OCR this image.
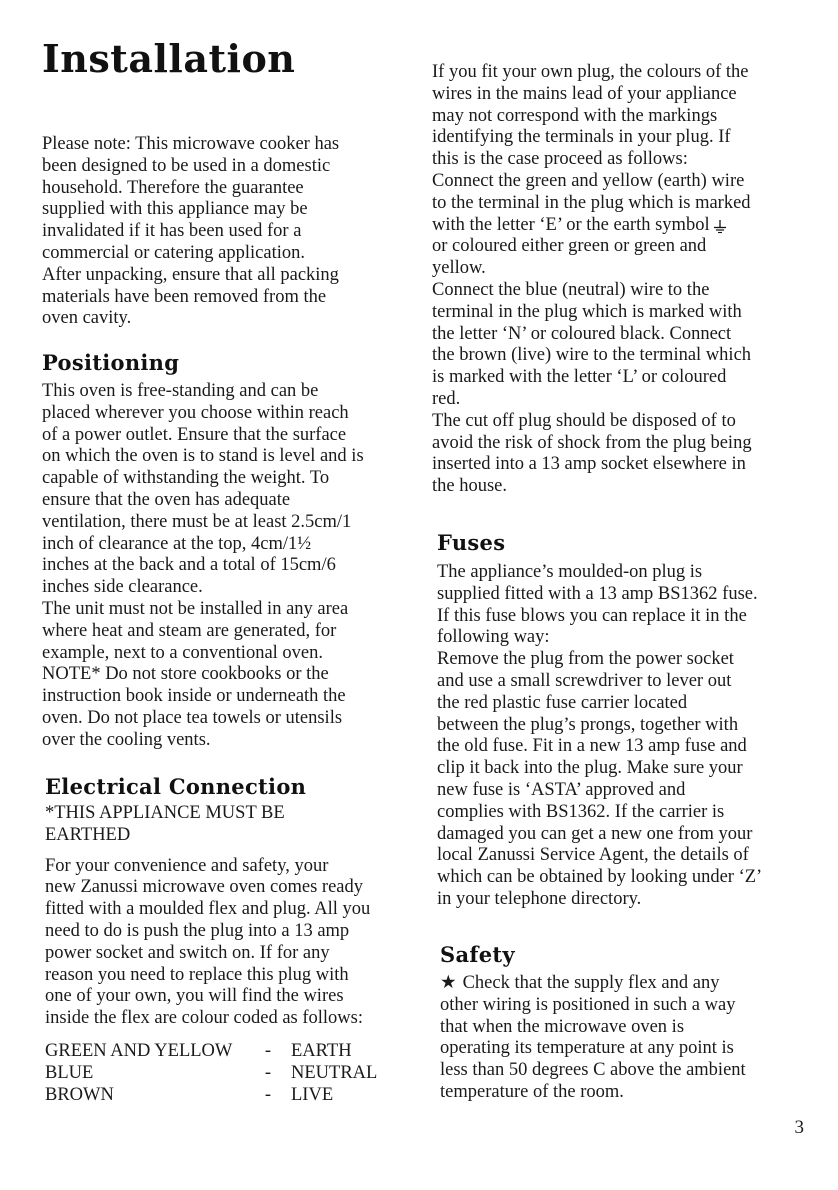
Installation
Please note: This microwave cooker has
been designed to be used in a domestic
household. Therefore the guarantee
supplied with this appliance may be
invalidated if it has been used for a
commercial or catering application.
After unpacking, ensure that all packing
materials have been removed from the
oven cavity.
Positioning
This oven is free-standing and can be
placed wherever you choose within reach
of a power outlet. Ensure that the surface
on which the oven is to stand is level and is
capable of withstanding the weight. To
ensure that the oven has adequate
ventilation, there must be at least 2.5cm/1
inch of clearance at the top, 4cm/1½
inches at the back and a total of 15cm/6
inches side clearance.
The unit must not be installed in any area
where heat and steam are generated, for
example, next to a conventional oven.
NOTE* Do not store cookbooks or the
instruction book inside or underneath the
oven. Do not place tea towels or utensils
over the cooling vents.
Electrical Connection
*THIS APPLIANCE MUST BE
EARTHED
For your convenience and safety, your
new Zanussi microwave oven comes ready
fitted with a moulded flex and plug. All you
need to do is push the plug into a 13 amp
power socket and switch on. If for any
reason you need to replace this plug with
one of your own, you will find the wires
inside the flex are colour coded as follows:
GREEN AND YELLOW	-	EARTH
BLUE	-	NEUTRAL
BROWN	-	LIVE
If you fit your own plug, the colours of the
wires in the mains lead of your appliance
may not correspond with the markings
identifying the terminals in your plug. If
this is the case proceed as follows:
Connect the green and yellow (earth) wire
to the terminal in the plug which is marked
with the letter ‘E’ or the earth symbol
or coloured either green or green and
yellow.
Connect the blue (neutral) wire to the
terminal in the plug which is marked with
the letter ‘N’ or coloured black. Connect
the brown (live) wire to the terminal which
is marked with the letter ‘L’ or coloured
red.
The cut off plug should be disposed of to
avoid the risk of shock from the plug being
inserted into a 13 amp socket elsewhere in
the house.
Fuses
The appliance’s moulded-on plug is
supplied fitted with a 13 amp BS1362 fuse.
If this fuse blows you can replace it in the
following way:
Remove the plug from the power socket
and use a small screwdriver to lever out
the red plastic fuse carrier located
between the plug’s prongs, together with
the old fuse. Fit in a new 13 amp fuse and
clip it back into the plug. Make sure your
new fuse is ‘ASTA’ approved and
complies with BS1362. If the carrier is
damaged you can get a new one from your
local Zanussi Service Agent, the details of
which can be obtained by looking under ‘Z’
in your telephone directory.
Safety
★ Check that the supply flex and any
other wiring is positioned in such a way
that when the microwave oven is
operating its temperature at any point is
less than 50 degrees C above the ambient
temperature of the room.
3
